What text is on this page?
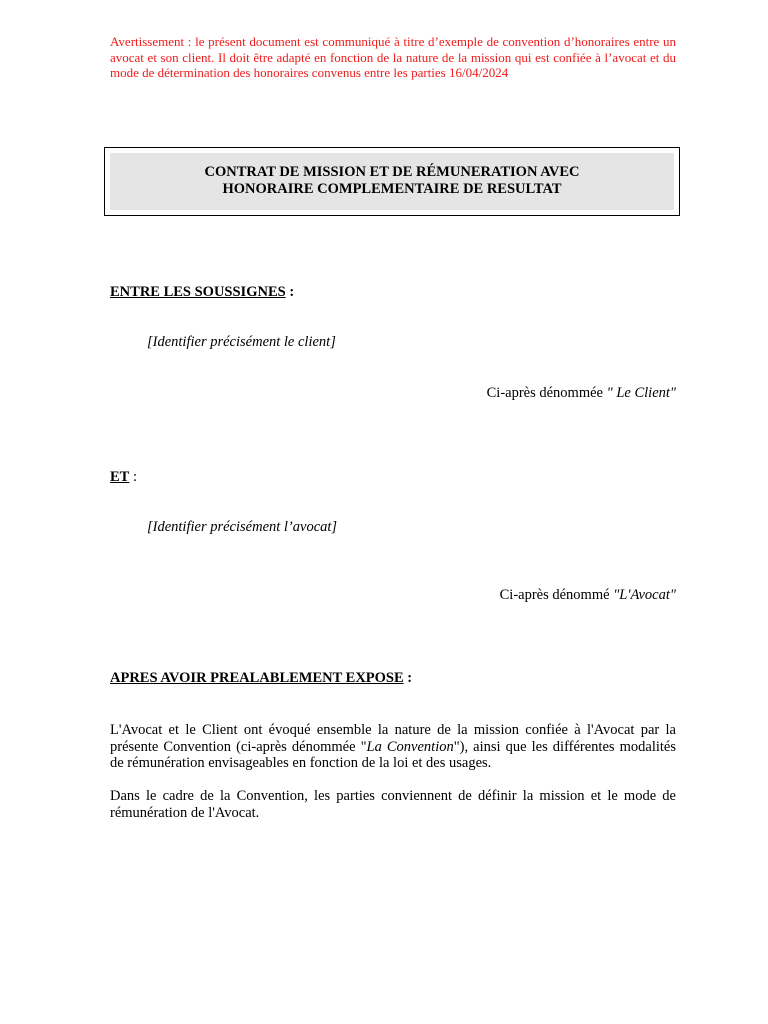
Avertissement : le présent document est communiqué à titre d’exemple de convention d’honoraires entre un avocat et son client. Il doit être adapté en fonction de la nature de la mission qui est confiée à l’avocat et du mode de détermination des honoraires convenus entre les parties 16/04/2024
CONTRAT DE MISSION ET DE RÉMUNERATION AVEC
HONORAIRE COMPLEMENTAIRE DE RESULTAT
ENTRE LES SOUSSIGNES :
[Identifier précisément le client]
Ci-après dénommée " Le Client"
ET :
[Identifier précisément l’avocat]
Ci-après dénommé "L'Avocat"
APRES AVOIR PREALABLEMENT EXPOSE :
L'Avocat et le Client ont évoqué ensemble la nature de la mission confiée à l'Avocat par la présente Convention (ci-après dénommée "La Convention"), ainsi que les différentes modalités de rémunération envisageables en fonction de la loi et des usages.
Dans le cadre de la Convention, les parties conviennent de définir la mission et le mode de rémunération de l'Avocat.
